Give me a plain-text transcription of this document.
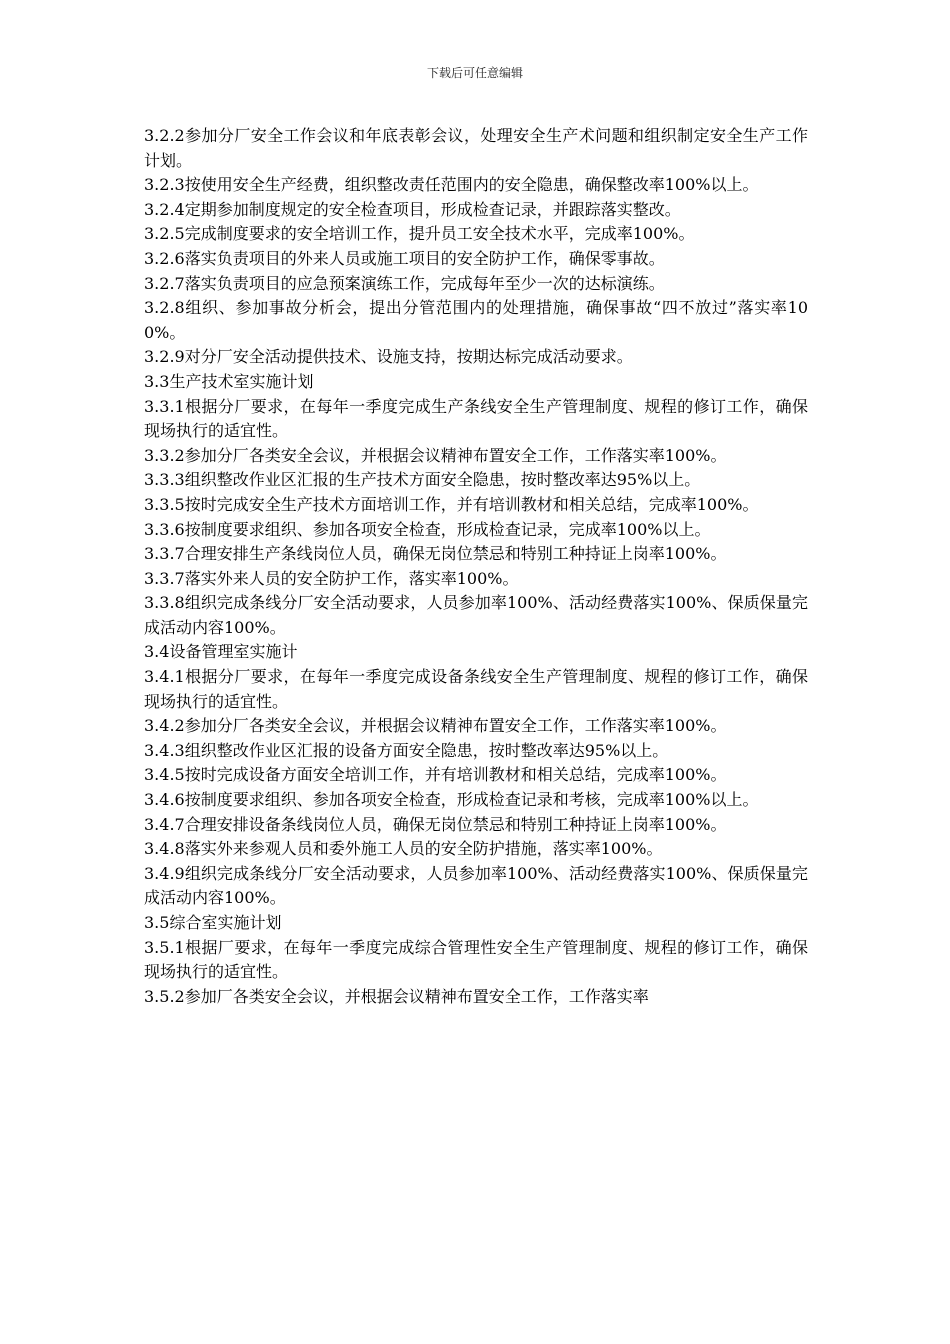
下载后可任意编辑

3.2.2参加分厂安全工作会议和年底表彰会议，处理安全生产术问题和组织制定安全生产工作计划。

3.2.3按使用安全生产经费，组织整改责任范围内的安全隐患，确保整改率100%以上。

3.2.4定期参加制度规定的安全检查项目，形成检查记录，并跟踪落实整改。

3.2.5完成制度要求的安全培训工作，提升员工安全技术水平，完成率100%。

3.2.6落实负责项目的外来人员或施工项目的安全防护工作，确保零事故。

3.2.7落实负责项目的应急预案演练工作，完成每年至少一次的达标演练。

3.2.8组织、参加事故分析会，提出分管范围内的处理措施，确保事故“四不放过”落实率100%。

3.2.9对分厂安全活动提供技术、设施支持，按期达标完成活动要求。

3.3生产技术室实施计划

3.3.1根据分厂要求，在每年一季度完成生产条线安全生产管理制度、规程的修订工作，确保现场执行的适宜性。

3.3.2参加分厂各类安全会议，并根据会议精神布置安全工作，工作落实率100%。

3.3.3组织整改作业区汇报的生产技术方面安全隐患，按时整改率达95%以上。

3.3.5按时完成安全生产技术方面培训工作，并有培训教材和相关总结，完成率100%。

3.3.6按制度要求组织、参加各项安全检查，形成检查记录，完成率100%以上。

3.3.7合理安排生产条线岗位人员，确保无岗位禁忌和特别工种持证上岗率100%。

3.3.7落实外来人员的安全防护工作，落实率100%。

3.3.8组织完成条线分厂安全活动要求，人员参加率100%、活动经费落实100%、保质保量完成活动内容100%。

3.4设备管理室实施计

3.4.1根据分厂要求，在每年一季度完成设备条线安全生产管理制度、规程的修订工作，确保现场执行的适宜性。

3.4.2参加分厂各类安全会议，并根据会议精神布置安全工作，工作落实率100%。

3.4.3组织整改作业区汇报的设备方面安全隐患，按时整改率达95%以上。

3.4.5按时完成设备方面安全培训工作，并有培训教材和相关总结，完成率100%。

3.4.6按制度要求组织、参加各项安全检查，形成检查记录和考核，完成率100%以上。

3.4.7合理安排设备条线岗位人员，确保无岗位禁忌和特别工种持证上岗率100%。

3.4.8落实外来参观人员和委外施工人员的安全防护措施，落实率100%。

3.4.9组织完成条线分厂安全活动要求，人员参加率100%、活动经费落实100%、保质保量完成活动内容100%。

3.5综合室实施计划

3.5.1根据厂要求，在每年一季度完成综合管理性安全生产管理制度、规程的修订工作，确保现场执行的适宜性。

3.5.2参加厂各类安全会议，并根据会议精神布置安全工作，工作落实率
